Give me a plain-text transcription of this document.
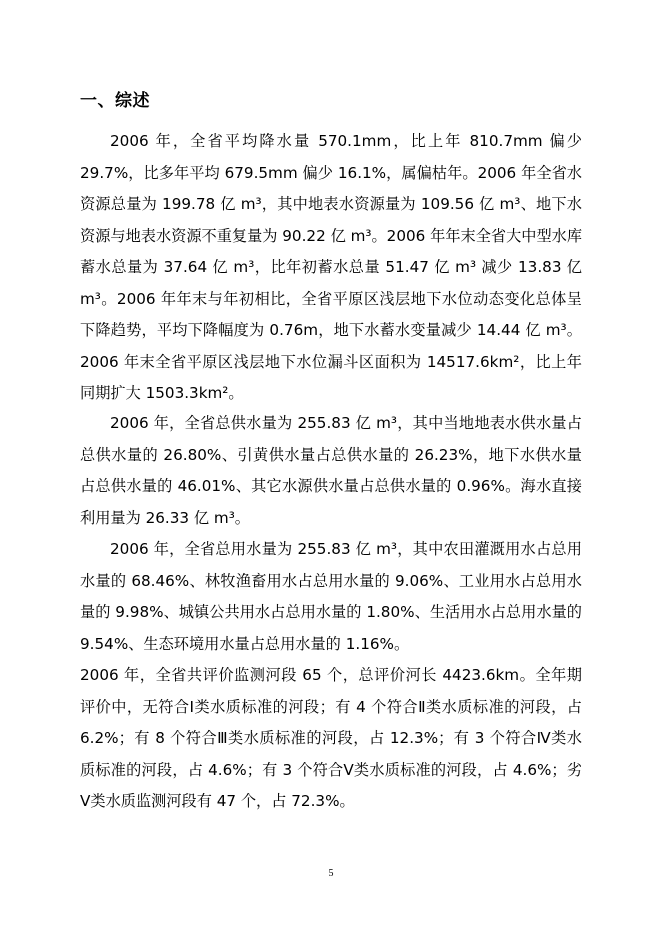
一、综述

2006 年，全省平均降水量 570.1mm，比上年 810.7mm 偏少 29.7%，比多年平均 679.5mm 偏少 16.1%，属偏枯年。2006 年全省水资源总量为 199.78 亿 m³，其中地表水资源量为 109.56 亿 m³、地下水资源与地表水资源不重复量为 90.22 亿 m³。2006 年年末全省大中型水库蓄水总量为 37.64 亿 m³，比年初蓄水总量 51.47 亿 m³ 减少 13.83 亿 m³。2006 年年末与年初相比，全省平原区浅层地下水位动态变化总体呈下降趋势，平均下降幅度为 0.76m，地下水蓄水变量减少 14.44 亿 m³。2006 年末全省平原区浅层地下水位漏斗区面积为 14517.6km²，比上年同期扩大 1503.3km²。

2006 年，全省总供水量为 255.83 亿 m³，其中当地地表水供水量占总供水量的 26.80%、引黄供水量占总供水量的 26.23%，地下水供水量占总供水量的 46.01%、其它水源供水量占总供水量的 0.96%。海水直接利用量为 26.33 亿 m³。

2006 年，全省总用水量为 255.83 亿 m³，其中农田灌溉用水占总用水量的 68.46%、林牧渔畜用水占总用水量的 9.06%、工业用水占总用水量的 9.98%、城镇公共用水占总用水量的 1.80%、生活用水占总用水量的 9.54%、生态环境用水量占总用水量的 1.16%。

2006 年，全省共评价监测河段 65 个，总评价河长 4423.6km。全年期评价中，无符合Ⅰ类水质标准的河段；有 4 个符合Ⅱ类水质标准的河段，占 6.2%；有 8 个符合Ⅲ类水质标准的河段，占 12.3%；有 3 个符合Ⅳ类水质标准的河段，占 4.6%；有 3 个符合Ⅴ类水质标准的河段，占 4.6%；劣Ⅴ类水质监测河段有 47 个，占 72.3%。

5
